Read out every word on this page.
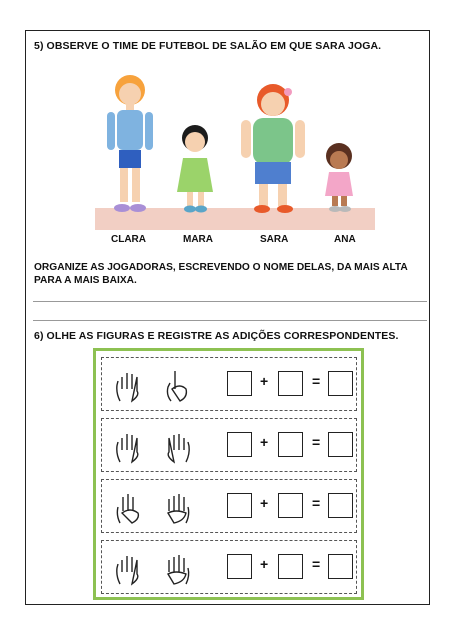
5) OBSERVE O TIME DE FUTEBOL DE SALÃO EM QUE SARA JOGA.
CLARA	MARA	SARA	ANA
ORGANIZE AS JOGADORAS, ESCREVENDO O NOME DELAS, DA MAIS ALTA PARA A MAIS BAIXA.
6) OLHE AS FIGURAS E REGISTRE AS ADIÇÕES CORRESPONDENTES.
+	=
+	=
+	=
+	=
